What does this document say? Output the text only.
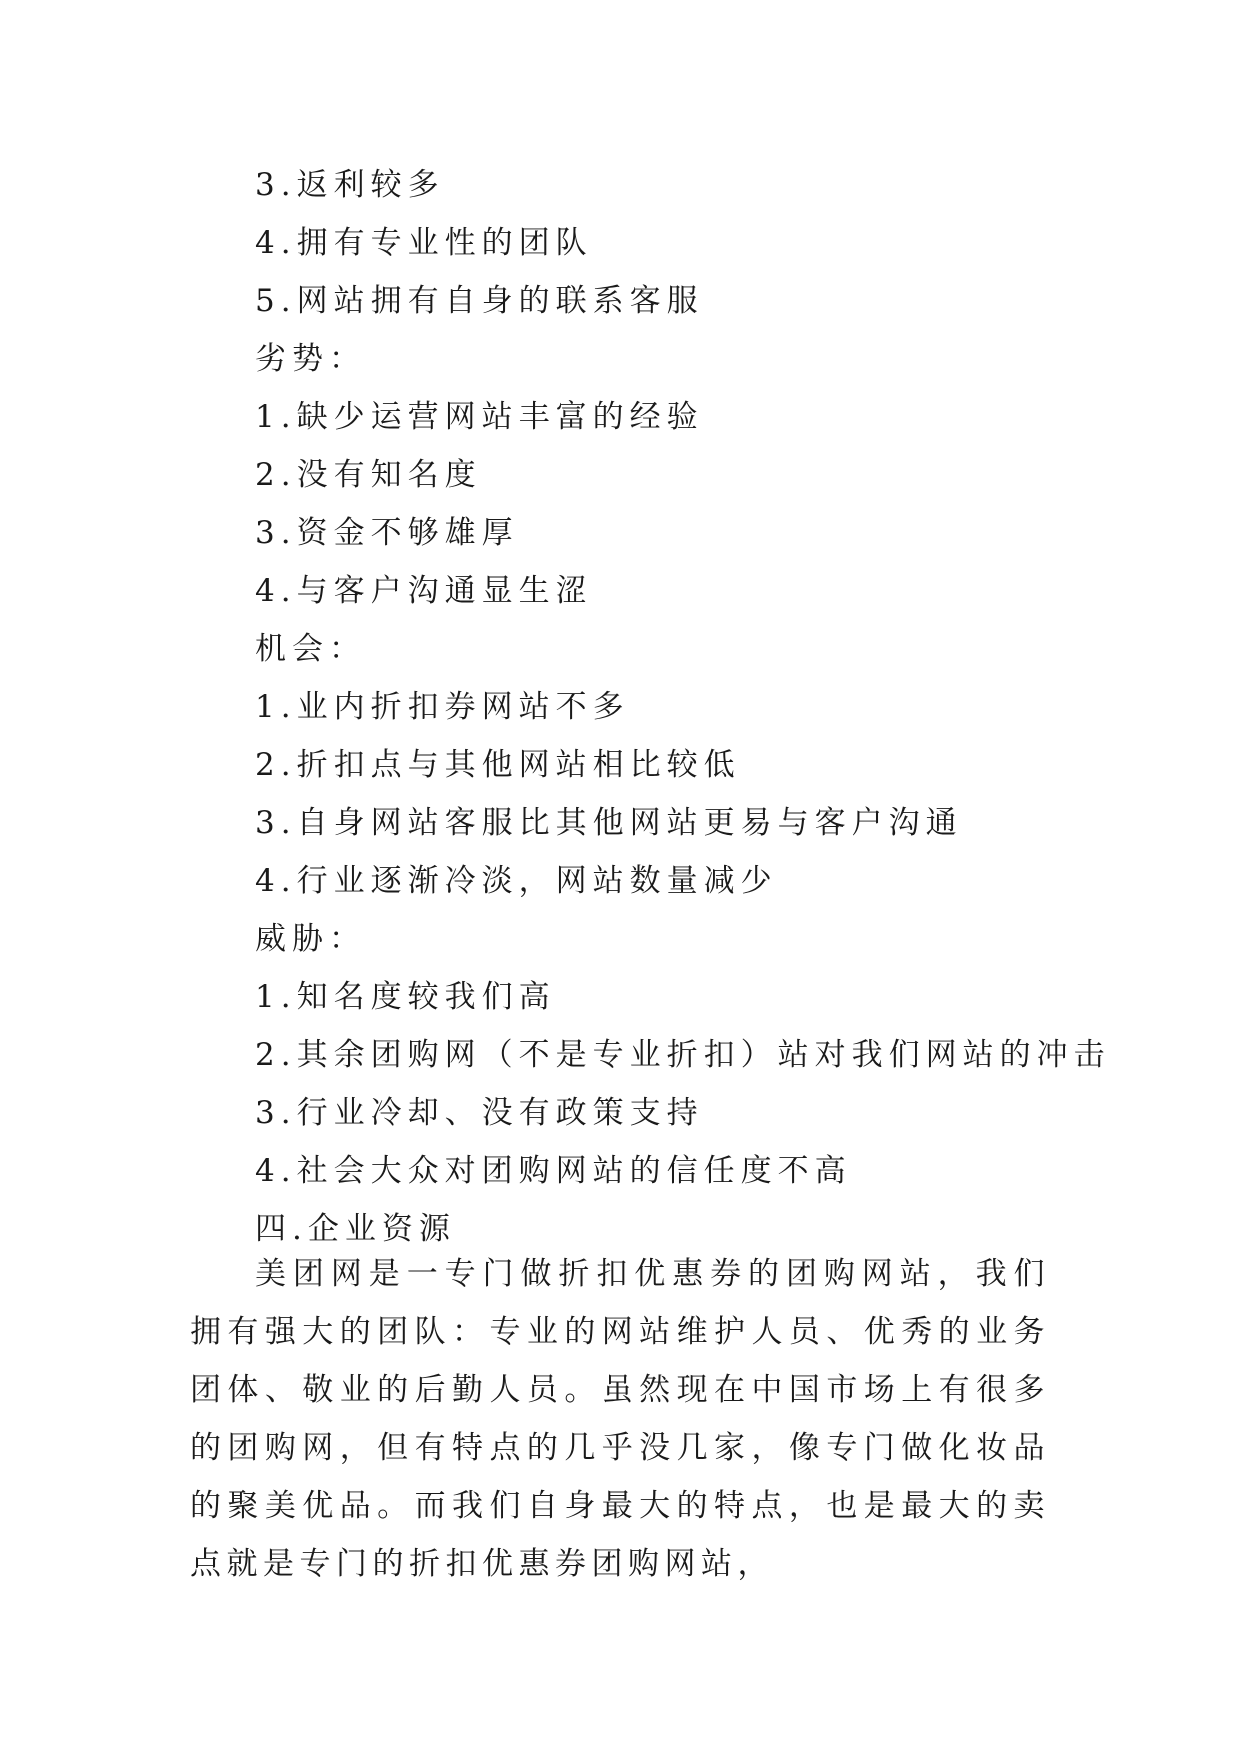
3.返利较多
4.拥有专业性的团队
5.网站拥有自身的联系客服
劣势：
1.缺少运营网站丰富的经验
2.没有知名度
3.资金不够雄厚
4.与客户沟通显生涩
机会：
1.业内折扣券网站不多
2.折扣点与其他网站相比较低
3.自身网站客服比其他网站更易与客户沟通
4.行业逐渐冷淡，网站数量减少
威胁：
1.知名度较我们高
2.其余团购网（不是专业折扣）站对我们网站的冲击
3.行业冷却、没有政策支持
4.社会大众对团购网站的信任度不高
四.企业资源

美团网是一专门做折扣优惠券的团购网站，我们拥有强大的团队：专业的网站维护人员、优秀的业务团体、敬业的后勤人员。虽然现在中国市场上有很多的团购网，但有特点的几乎没几家，像专门做化妆品的聚美优品。而我们自身最大的特点，也是最大的卖点就是专门的折扣优惠券团购网站，
